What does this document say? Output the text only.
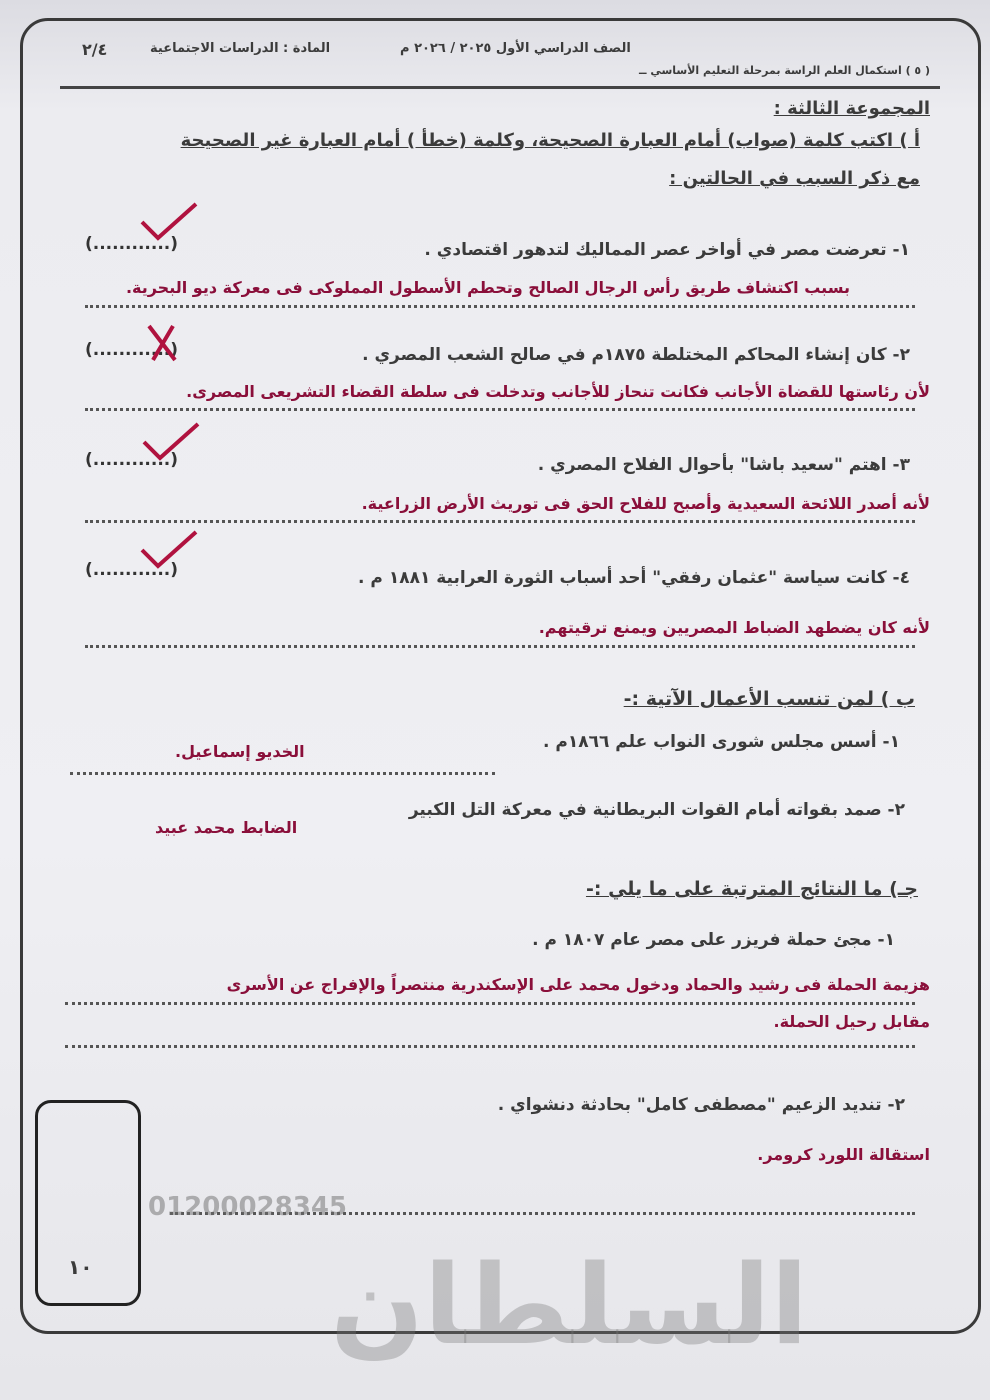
٢/٤	المادة : الدراسات الاجتماعية	الصف الدراسي الأول ٢٠٢٥ / ٢٠٢٦ م
( ٥ ) استكمال العلم الراسة بمرحلة التعليم الأساسي ــ
المجموعة الثالثة :
أ ) اكتب كلمة (صواب) أمام العبارة الصحيحة، وكلمة (خطأ ) أمام العبارة غير الصحيحة
مع ذكر السبب في الحالتين :
١- تعرضت مصر في أواخر عصر المماليك لتدهور اقتصادي .
(............)
بسبب اكتشاف طريق رأس الرجال الصالح وتحطم الأسطول المملوكى فى معركة ديو البحرية.
٢- كان إنشاء المحاكم المختلطة ١٨٧٥م في صالح الشعب المصري .
(............)
لأن رئاستها للقضاة الأجانب فكانت تنحاز للأجانب وتدخلت فى سلطة القضاء التشريعى المصرى.
٣- اهتم "سعيد باشا" بأحوال الفلاح المصري .
(............)
لأنه أصدر اللائحة السعيدية وأصبح للفلاح الحق فى توريث الأرض الزراعية.
٤- كانت سياسة "عثمان رفقي" أحد أسباب الثورة العرابية ١٨٨١ م .
(............)
لأنه كان يضطهد الضباط المصريين ويمنع ترقيتهم.
ب ) لمن تنسب الأعمال الآتية :-
١- أسس مجلس شورى النواب علم ١٨٦٦م .
الخديو إسماعيل.
٢- صمد بقواته أمام القوات البريطانية في معركة التل الكبير
الضابط محمد عبيد
جـ) ما النتائج المترتبة على ما يلي :-
١- مجئ حملة فريزر على مصر عام ١٨٠٧ م .
هزيمة الحملة فى رشيد والحماد ودخول محمد على الإسكندرية منتصراً والإفراج عن الأسرى
مقابل رحيل الحملة.
٢- تنديد الزعيم "مصطفى كامل" بحادثة دنشواي .
استقالة اللورد كرومر.
01200028345
١٠ السلطان
